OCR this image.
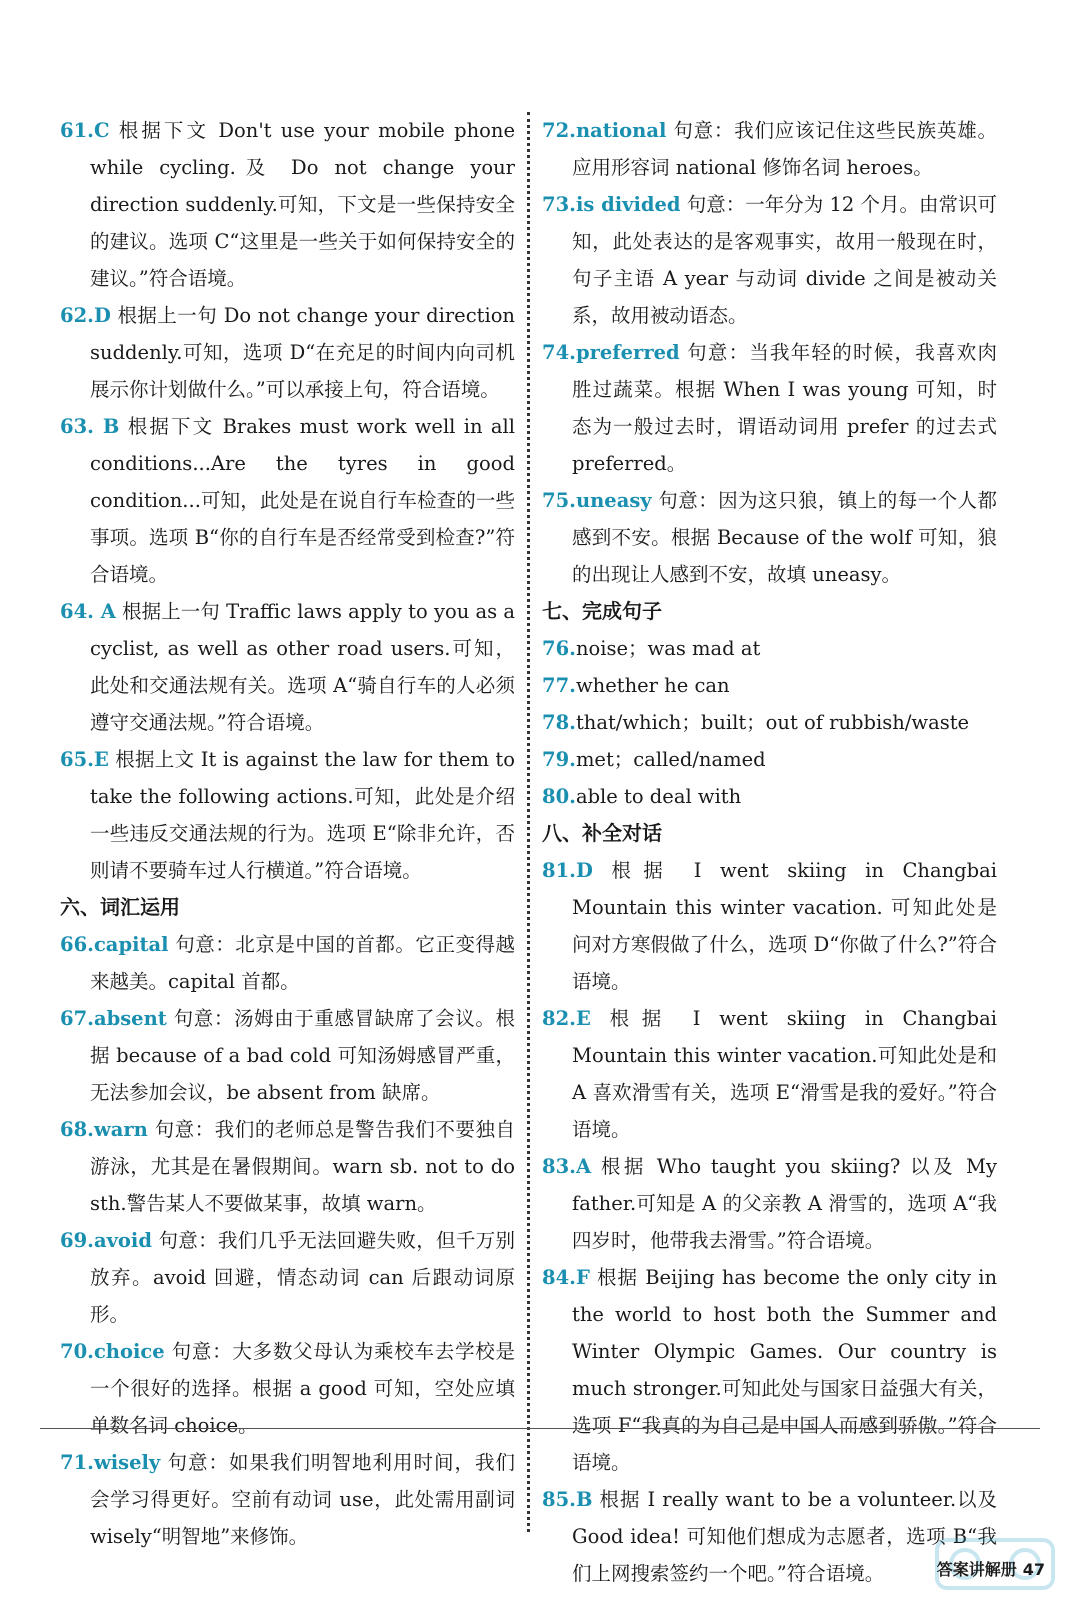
61.C 根据下文 Don't use your mobile phone while cycling.及 Do not change your direction suddenly.可知，下文是一些保持安全的建议。选项 C“这里是一些关于如何保持安全的建议。”符合语境。

62.D 根据上一句 Do not change your direction suddenly.可知，选项 D“在充足的时间内向司机展示你计划做什么。”可以承接上句，符合语境。

63. B 根据下文 Brakes must work well in all conditions...Are the tyres in good condition...可知，此处是在说自行车检查的一些事项。选项 B“你的自行车是否经常受到检查?”符合语境。

64. A 根据上一句 Traffic laws apply to you as a cyclist, as well as other road users.可知，此处和交通法规有关。选项 A“骑自行车的人必须遵守交通法规。”符合语境。

65.E 根据上文 It is against the law for them to take the following actions.可知，此处是介绍一些违反交通法规的行为。选项 E“除非允许，否则请不要骑车过人行横道。”符合语境。

六、词汇运用

66.capital 句意：北京是中国的首都。它正变得越来越美。capital 首都。

67.absent 句意：汤姆由于重感冒缺席了会议。根据 because of a bad cold 可知汤姆感冒严重，无法参加会议，be absent from 缺席。

68.warn 句意：我们的老师总是警告我们不要独自游泳，尤其是在暑假期间。warn sb. not to do sth.警告某人不要做某事，故填 warn。

69.avoid 句意：我们几乎无法回避失败，但千万别放弃。avoid 回避，情态动词 can 后跟动词原形。

70.choice 句意：大多数父母认为乘校车去学校是一个很好的选择。根据 a good 可知，空处应填单数名词 choice。

71.wisely 句意：如果我们明智地利用时间，我们会学习得更好。空前有动词 use，此处需用副词 wisely“明智地”来修饰。

72.national 句意：我们应该记住这些民族英雄。应用形容词 national 修饰名词 heroes。

73.is divided 句意：一年分为 12 个月。由常识可知，此处表达的是客观事实，故用一般现在时，句子主语 A year 与动词 divide 之间是被动关系，故用被动语态。

74.preferred 句意：当我年轻的时候，我喜欢肉胜过蔬菜。根据 When I was young 可知，时态为一般过去时，谓语动词用 prefer 的过去式 preferred。

75.uneasy 句意：因为这只狼，镇上的每一个人都感到不安。根据 Because of the wolf 可知，狼的出现让人感到不安，故填 uneasy。

七、完成句子

76.noise；was mad at

77.whether he can

78.that/which；built；out of rubbish/waste

79.met；called/named

80.able to deal with

八、补全对话

81.D 根据 I went skiing in Changbai Mountain this winter vacation. 可知此处是问对方寒假做了什么，选项 D“你做了什么?”符合语境。

82.E 根据 I went skiing in Changbai Mountain this winter vacation.可知此处是和 A 喜欢滑雪有关，选项 E“滑雪是我的爱好。”符合语境。

83.A 根据 Who taught you skiing? 以及 My father.可知是 A 的父亲教 A 滑雪的，选项 A“我四岁时，他带我去滑雪。”符合语境。

84.F 根据 Beijing has become the only city in the world to host both the Summer and Winter Olympic Games. Our country is much stronger.可知此处与国家日益强大有关，选项 F“我真的为自己是中国人而感到骄傲。”符合语境。

85.B 根据 I really want to be a volunteer.以及 Good idea! 可知他们想成为志愿者，选项 B“我们上网搜索签约一个吧。”符合语境。	答案讲解册 47
